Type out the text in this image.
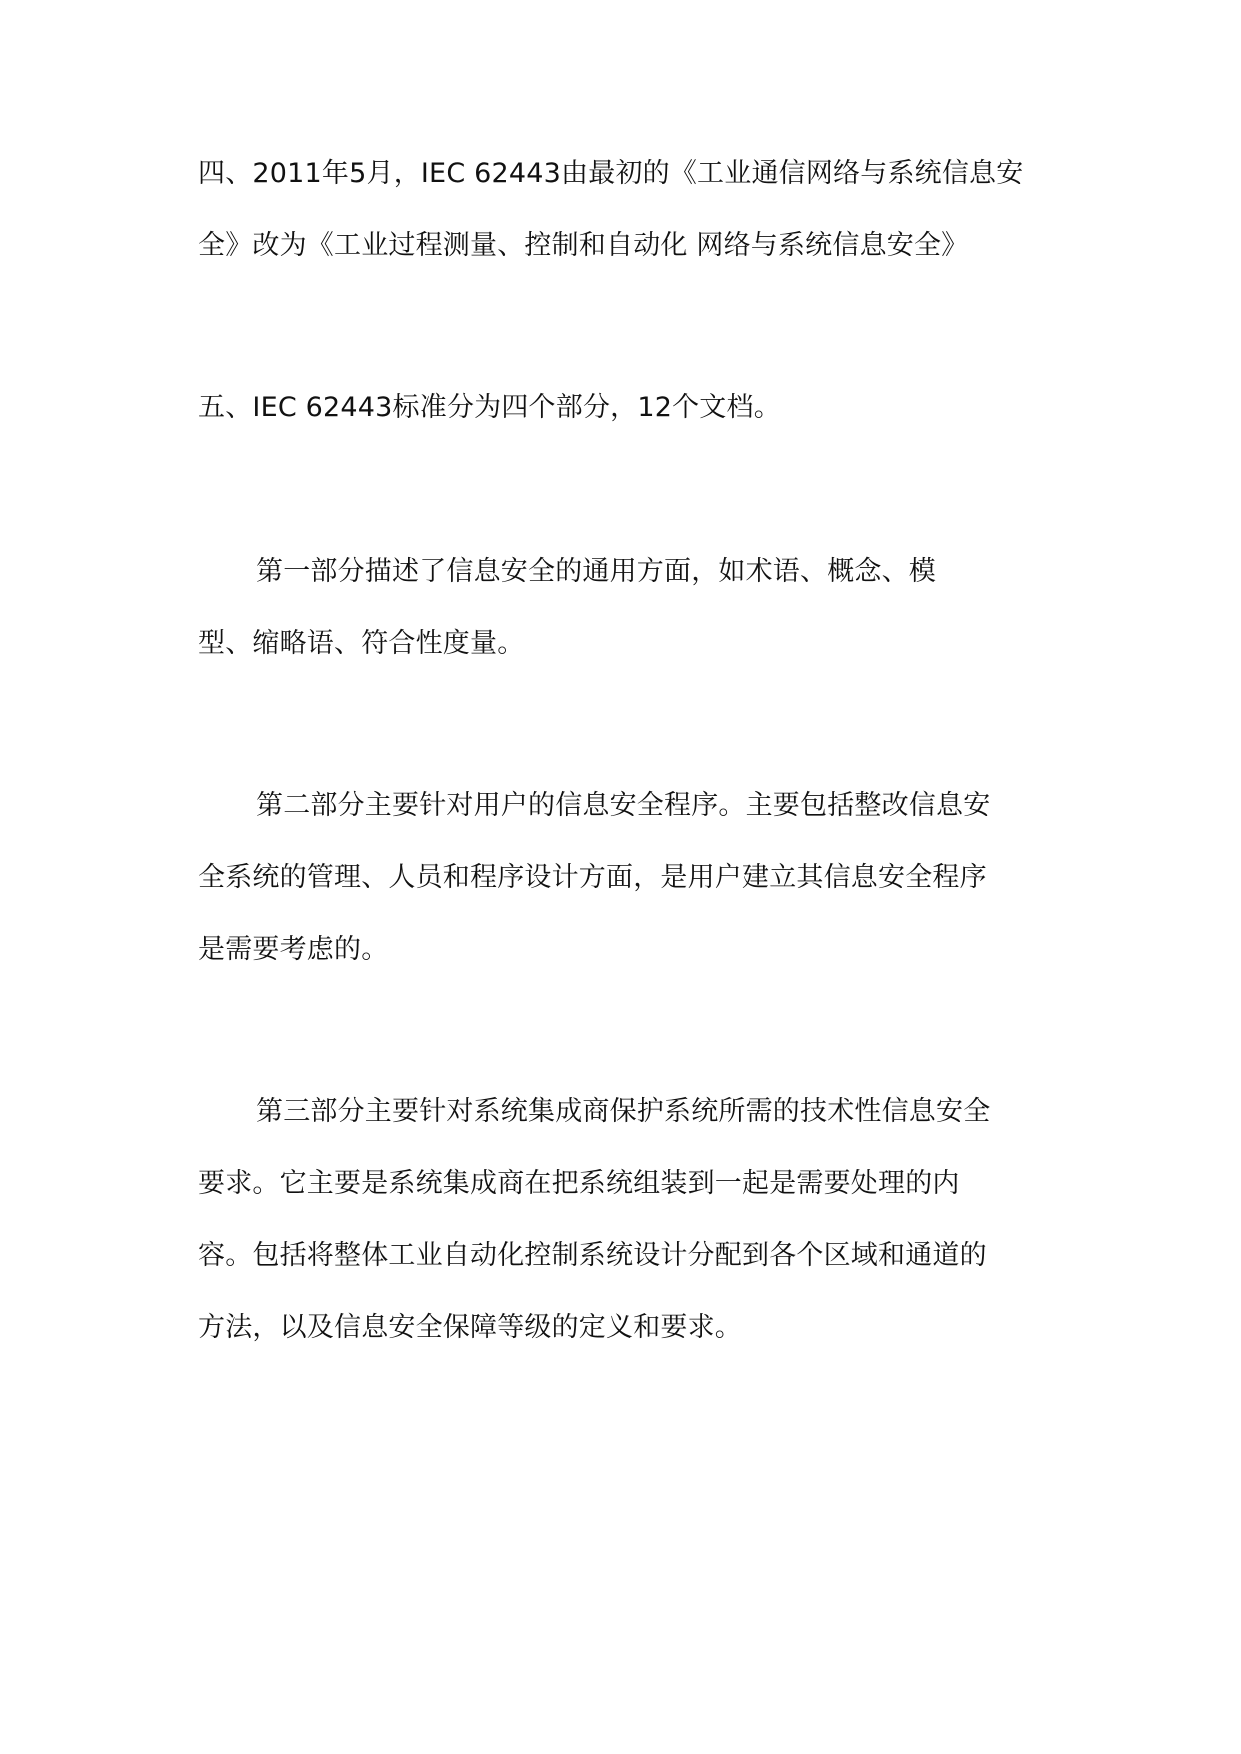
四、2011年5月，IEC 62443由最初的《工业通信网络与系统信息安
全》改为《工业过程测量、控制和自动化 网络与系统信息安全》
五、IEC 62443标准分为四个部分，12个文档。
第一部分描述了信息安全的通用方面，如术语、概念、模
型、缩略语、符合性度量。
第二部分主要针对用户的信息安全程序。主要包括整改信息安
全系统的管理、人员和程序设计方面，是用户建立其信息安全程序
是需要考虑的。
第三部分主要针对系统集成商保护系统所需的技术性信息安全
要求。它主要是系统集成商在把系统组装到一起是需要处理的内
容。包括将整体工业自动化控制系统设计分配到各个区域和通道的
方法，以及信息安全保障等级的定义和要求。
